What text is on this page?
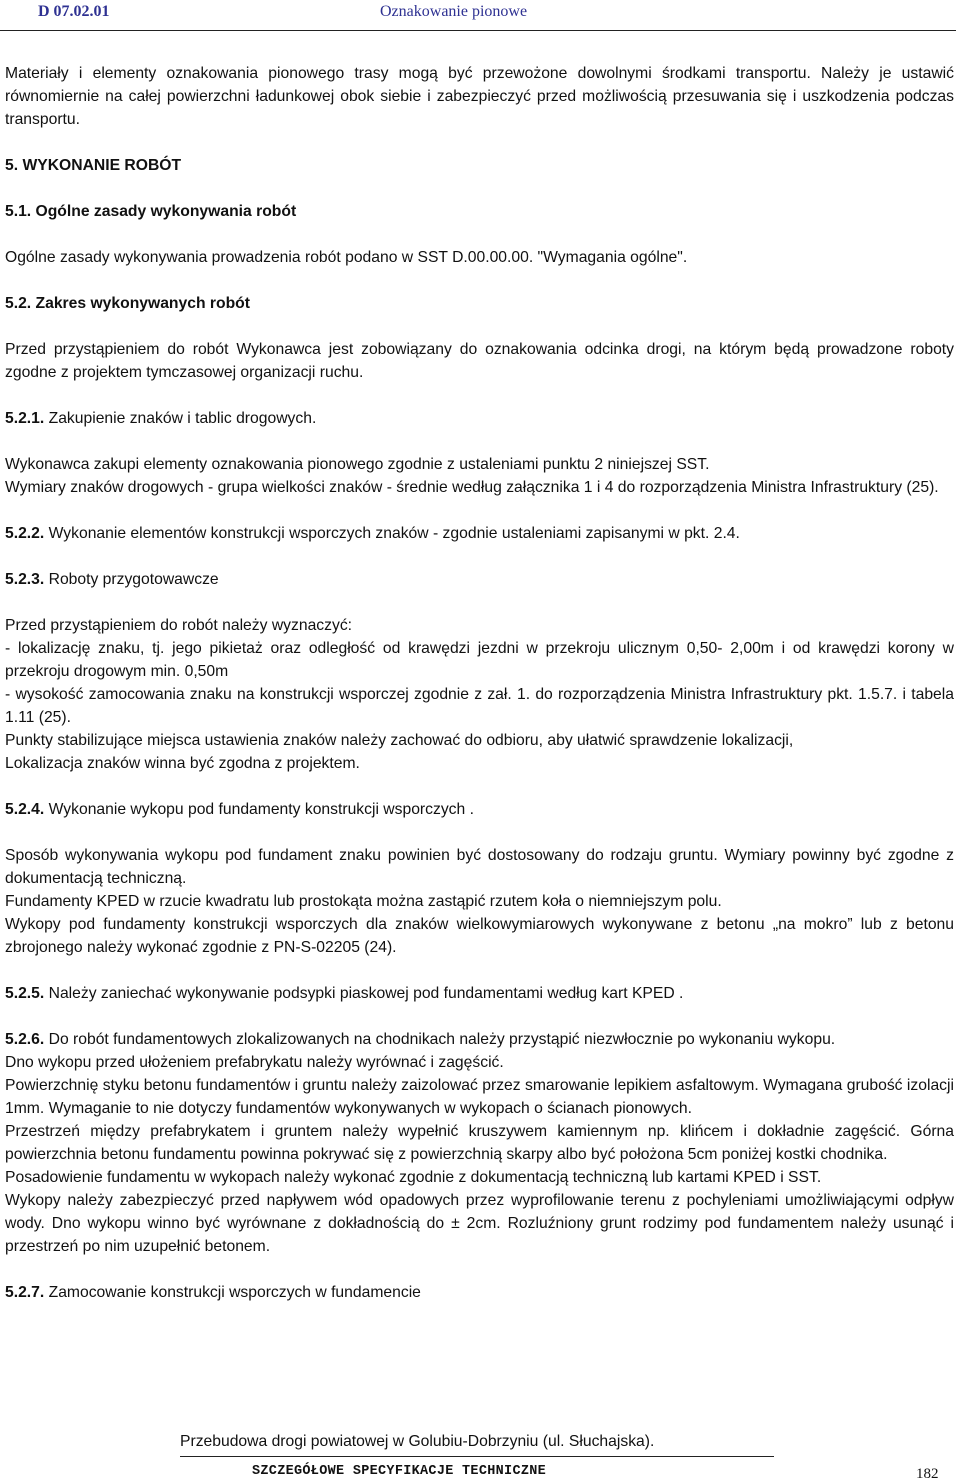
D 07.02.01	Oznakowanie pionowe

Materiały i elementy oznakowania pionowego trasy mogą być przewożone dowolnymi środkami transportu. Należy je ustawić równomiernie na całej powierzchni ładunkowej obok siebie i zabezpieczyć przed możliwością przesuwania się i uszkodzenia podczas transportu.

5. WYKONANIE ROBÓT

5.1. Ogólne zasady wykonywania robót

Ogólne zasady wykonywania prowadzenia robót podano w SST D.00.00.00. "Wymagania ogólne".

5.2. Zakres wykonywanych robót

Przed przystąpieniem do robót Wykonawca jest zobowiązany do oznakowania odcinka drogi, na którym będą prowadzone roboty zgodne z projektem tymczasowej organizacji ruchu.

5.2.1. Zakupienie znaków i tablic drogowych.

Wykonawca zakupi elementy oznakowania pionowego zgodnie z ustaleniami punktu 2 niniejszej SST.

Wymiary znaków drogowych - grupa wielkości znaków - średnie według załącznika 1 i 4 do rozporządzenia Ministra Infrastruktury (25).

5.2.2. Wykonanie elementów konstrukcji wsporczych znaków - zgodnie ustaleniami zapisanymi w pkt. 2.4.

5.2.3. Roboty przygotowawcze

Przed przystąpieniem do robót należy wyznaczyć:

- lokalizację znaku, tj. jego pikietaż oraz odległość od krawędzi jezdni w przekroju ulicznym 0,50- 2,00m i od krawędzi korony w przekroju drogowym min. 0,50m

- wysokość zamocowania znaku na konstrukcji wsporczej zgodnie z zał. 1. do rozporządzenia Ministra Infrastruktury pkt. 1.5.7. i tabela 1.11 (25).

Punkty stabilizujące miejsca ustawienia znaków należy zachować do odbioru, aby ułatwić sprawdzenie lokalizacji,

Lokalizacja znaków winna być zgodna z projektem.

5.2.4. Wykonanie wykopu pod fundamenty konstrukcji wsporczych .

Sposób wykonywania wykopu pod fundament znaku powinien być dostosowany do rodzaju gruntu. Wymiary powinny być zgodne z dokumentacją techniczną.

Fundamenty KPED w rzucie kwadratu lub prostokąta można zastąpić rzutem koła o niemniejszym polu.

Wykopy pod fundamenty konstrukcji wsporczych dla znaków wielkowymiarowych wykonywane z betonu „na mokro” lub z betonu zbrojonego należy wykonać zgodnie z PN-S-02205 (24).

5.2.5. Należy zaniechać wykonywanie podsypki piaskowej pod fundamentami według kart KPED .

5.2.6. Do robót fundamentowych zlokalizowanych na chodnikach należy przystąpić niezwłocznie po wykonaniu wykopu.

Dno wykopu przed ułożeniem prefabrykatu należy wyrównać i zagęścić.

Powierzchnię styku betonu fundamentów i gruntu należy zaizolować przez smarowanie lepikiem asfaltowym. Wymagana grubość izolacji 1mm. Wymaganie to nie dotyczy fundamentów wykonywanych w wykopach o ścianach pionowych.

Przestrzeń między prefabrykatem i gruntem należy wypełnić kruszywem kamiennym np. klińcem i dokładnie zagęścić. Górna powierzchnia betonu fundamentu powinna pokrywać się z powierzchnią skarpy albo być położona 5cm poniżej kostki chodnika.

Posadowienie fundamentu w wykopach należy wykonać zgodnie z dokumentacją techniczną lub kartami KPED i SST.

Wykopy należy zabezpieczyć przed napływem wód opadowych przez wyprofilowanie terenu z pochyleniami umożliwiającymi odpływ wody. Dno wykopu winno być wyrównane z dokładnością do ± 2cm. Rozluźniony grunt rodzimy pod fundamentem należy usunąć i przestrzeń po nim uzupełnić betonem.

5.2.7. Zamocowanie konstrukcji wsporczych w fundamencie

Przebudowa drogi powiatowej w Golubiu-Dobrzyniu (ul. Słuchajska).
SZCZEGÓŁOWE SPECYFIKACJE TECHNICZNE	182
